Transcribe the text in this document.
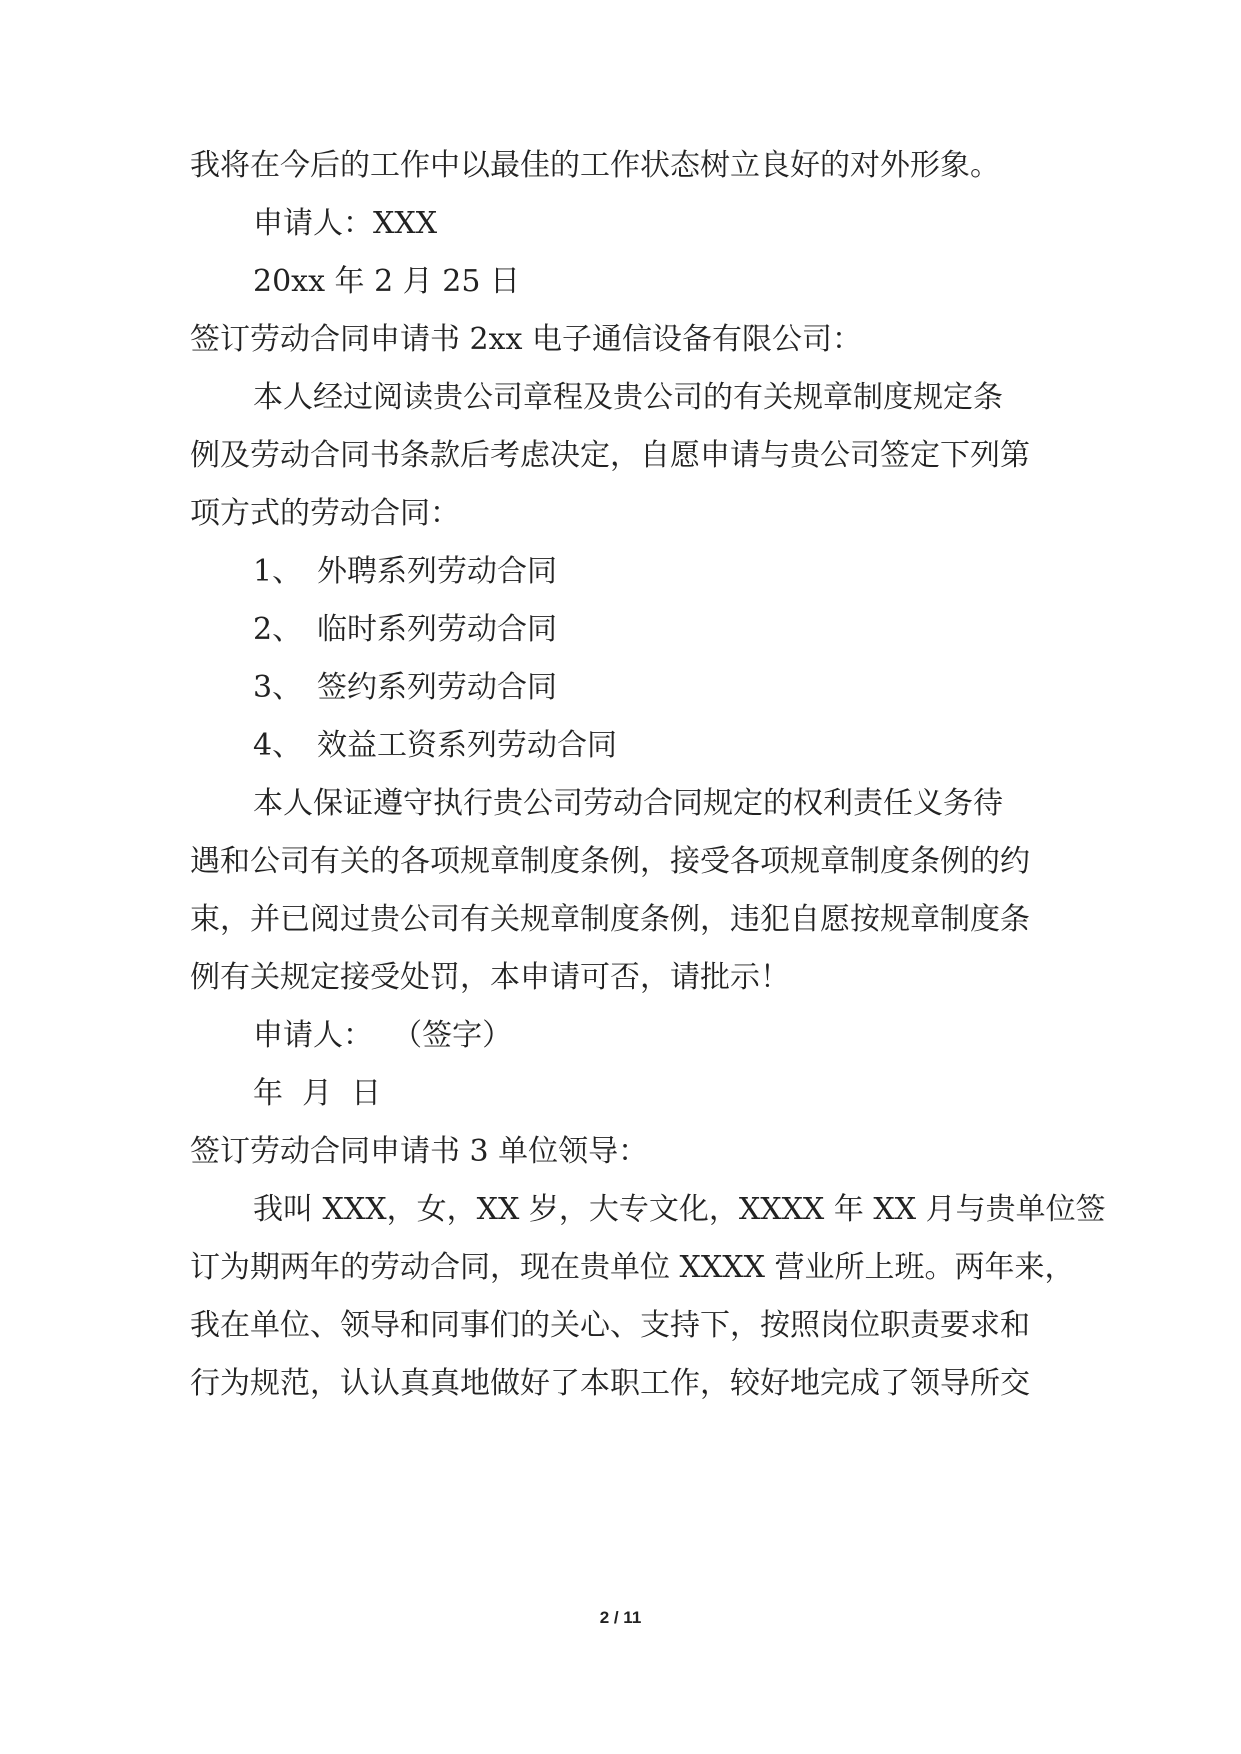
我将在今后的工作中以最佳的工作状态树立良好的对外形象。
申请人：XXX
20xx 年 2 月 25 日
签订劳动合同申请书 2xx 电子通信设备有限公司：
本人经过阅读贵公司章程及贵公司的有关规章制度规定条
例及劳动合同书条款后考虑决定，自愿申请与贵公司签定下列第
项方式的劳动合同：
1、 外聘系列劳动合同
2、 临时系列劳动合同
3、 签约系列劳动合同
4、 效益工资系列劳动合同
本人保证遵守执行贵公司劳动合同规定的权利责任义务待
遇和公司有关的各项规章制度条例，接受各项规章制度条例的约
束，并已阅过贵公司有关规章制度条例，违犯自愿按规章制度条
例有关规定接受处罚，本申请可否，请批示！
申请人：  （签字）
年  月  日
签订劳动合同申请书 3 单位领导：
我叫 XXX，女，XX 岁，大专文化，XXXX 年 XX 月与贵单位签
订为期两年的劳动合同，现在贵单位 XXXX 营业所上班。两年来，
我在单位、领导和同事们的关心、支持下，按照岗位职责要求和
行为规范，认认真真地做好了本职工作，较好地完成了领导所交
2 / 11
